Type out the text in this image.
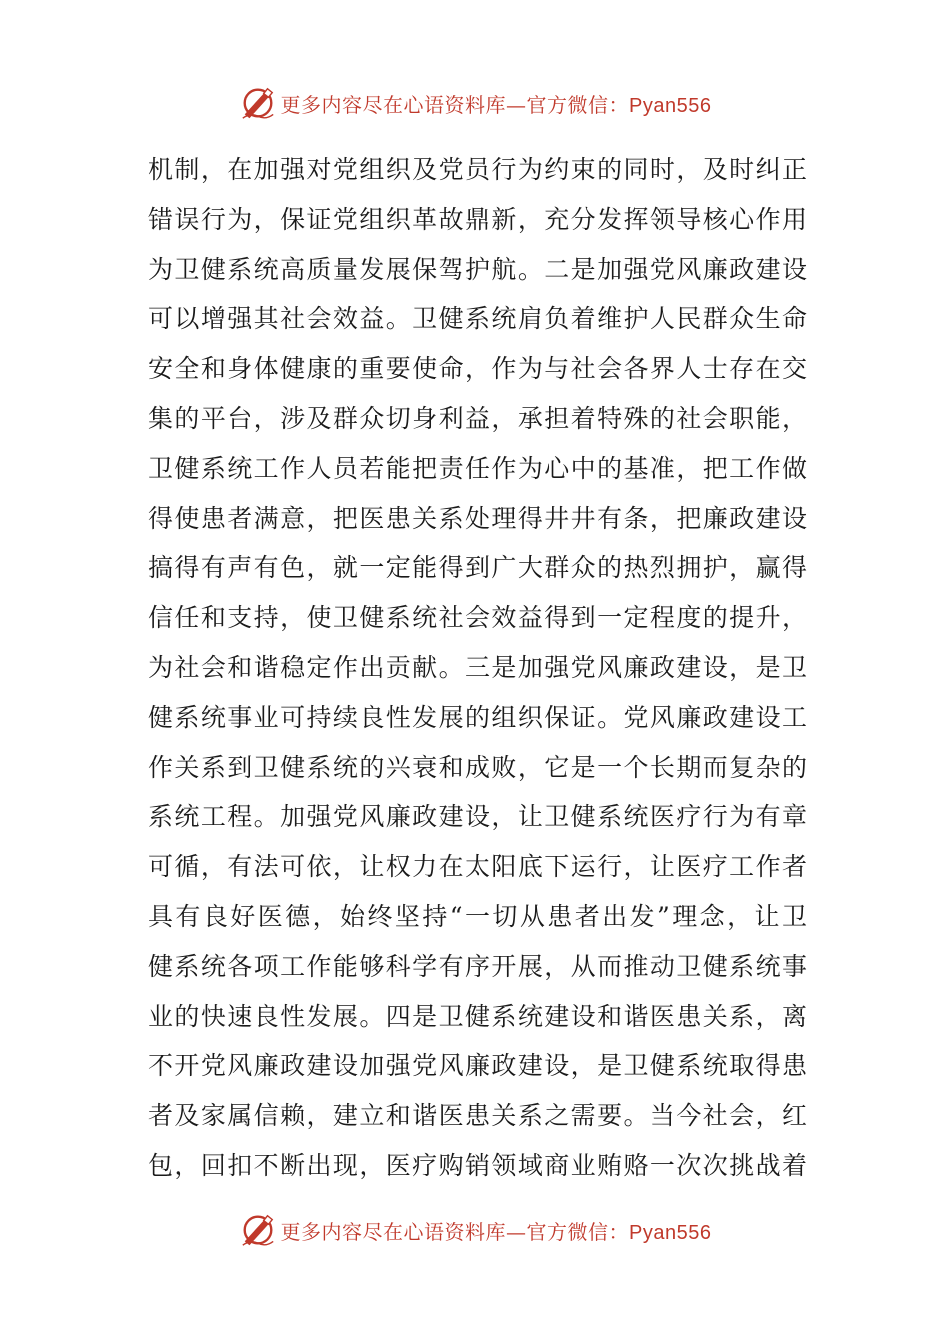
更多内容尽在心语资料库—官方微信：Pyan556
机制，在加强对党组织及党员行为约束的同时，及时纠正
错误行为，保证党组织革故鼎新，充分发挥领导核心作用
为卫健系统高质量发展保驾护航。二是加强党风廉政建设
可以增强其社会效益。卫健系统肩负着维护人民群众生命
安全和身体健康的重要使命，作为与社会各界人士存在交
集的平台，涉及群众切身利益，承担着特殊的社会职能，
卫健系统工作人员若能把责任作为心中的基准，把工作做
得使患者满意，把医患关系处理得井井有条，把廉政建设
搞得有声有色，就一定能得到广大群众的热烈拥护，赢得
信任和支持，使卫健系统社会效益得到一定程度的提升，
为社会和谐稳定作出贡献。三是加强党风廉政建设，是卫
健系统事业可持续良性发展的组织保证。党风廉政建设工
作关系到卫健系统的兴衰和成败，它是一个长期而复杂的
系统工程。加强党风廉政建设，让卫健系统医疗行为有章
可循，有法可依，让权力在太阳底下运行，让医疗工作者
具有良好医德，始终坚持“一切从患者出发”理念，让卫
健系统各项工作能够科学有序开展，从而推动卫健系统事
业的快速良性发展。四是卫健系统建设和谐医患关系，离
不开党风廉政建设加强党风廉政建设，是卫健系统取得患
者及家属信赖，建立和谐医患关系之需要。当今社会，红
包，回扣不断出现，医疗购销领域商业贿赂一次次挑战着
更多内容尽在心语资料库—官方微信：Pyan556
